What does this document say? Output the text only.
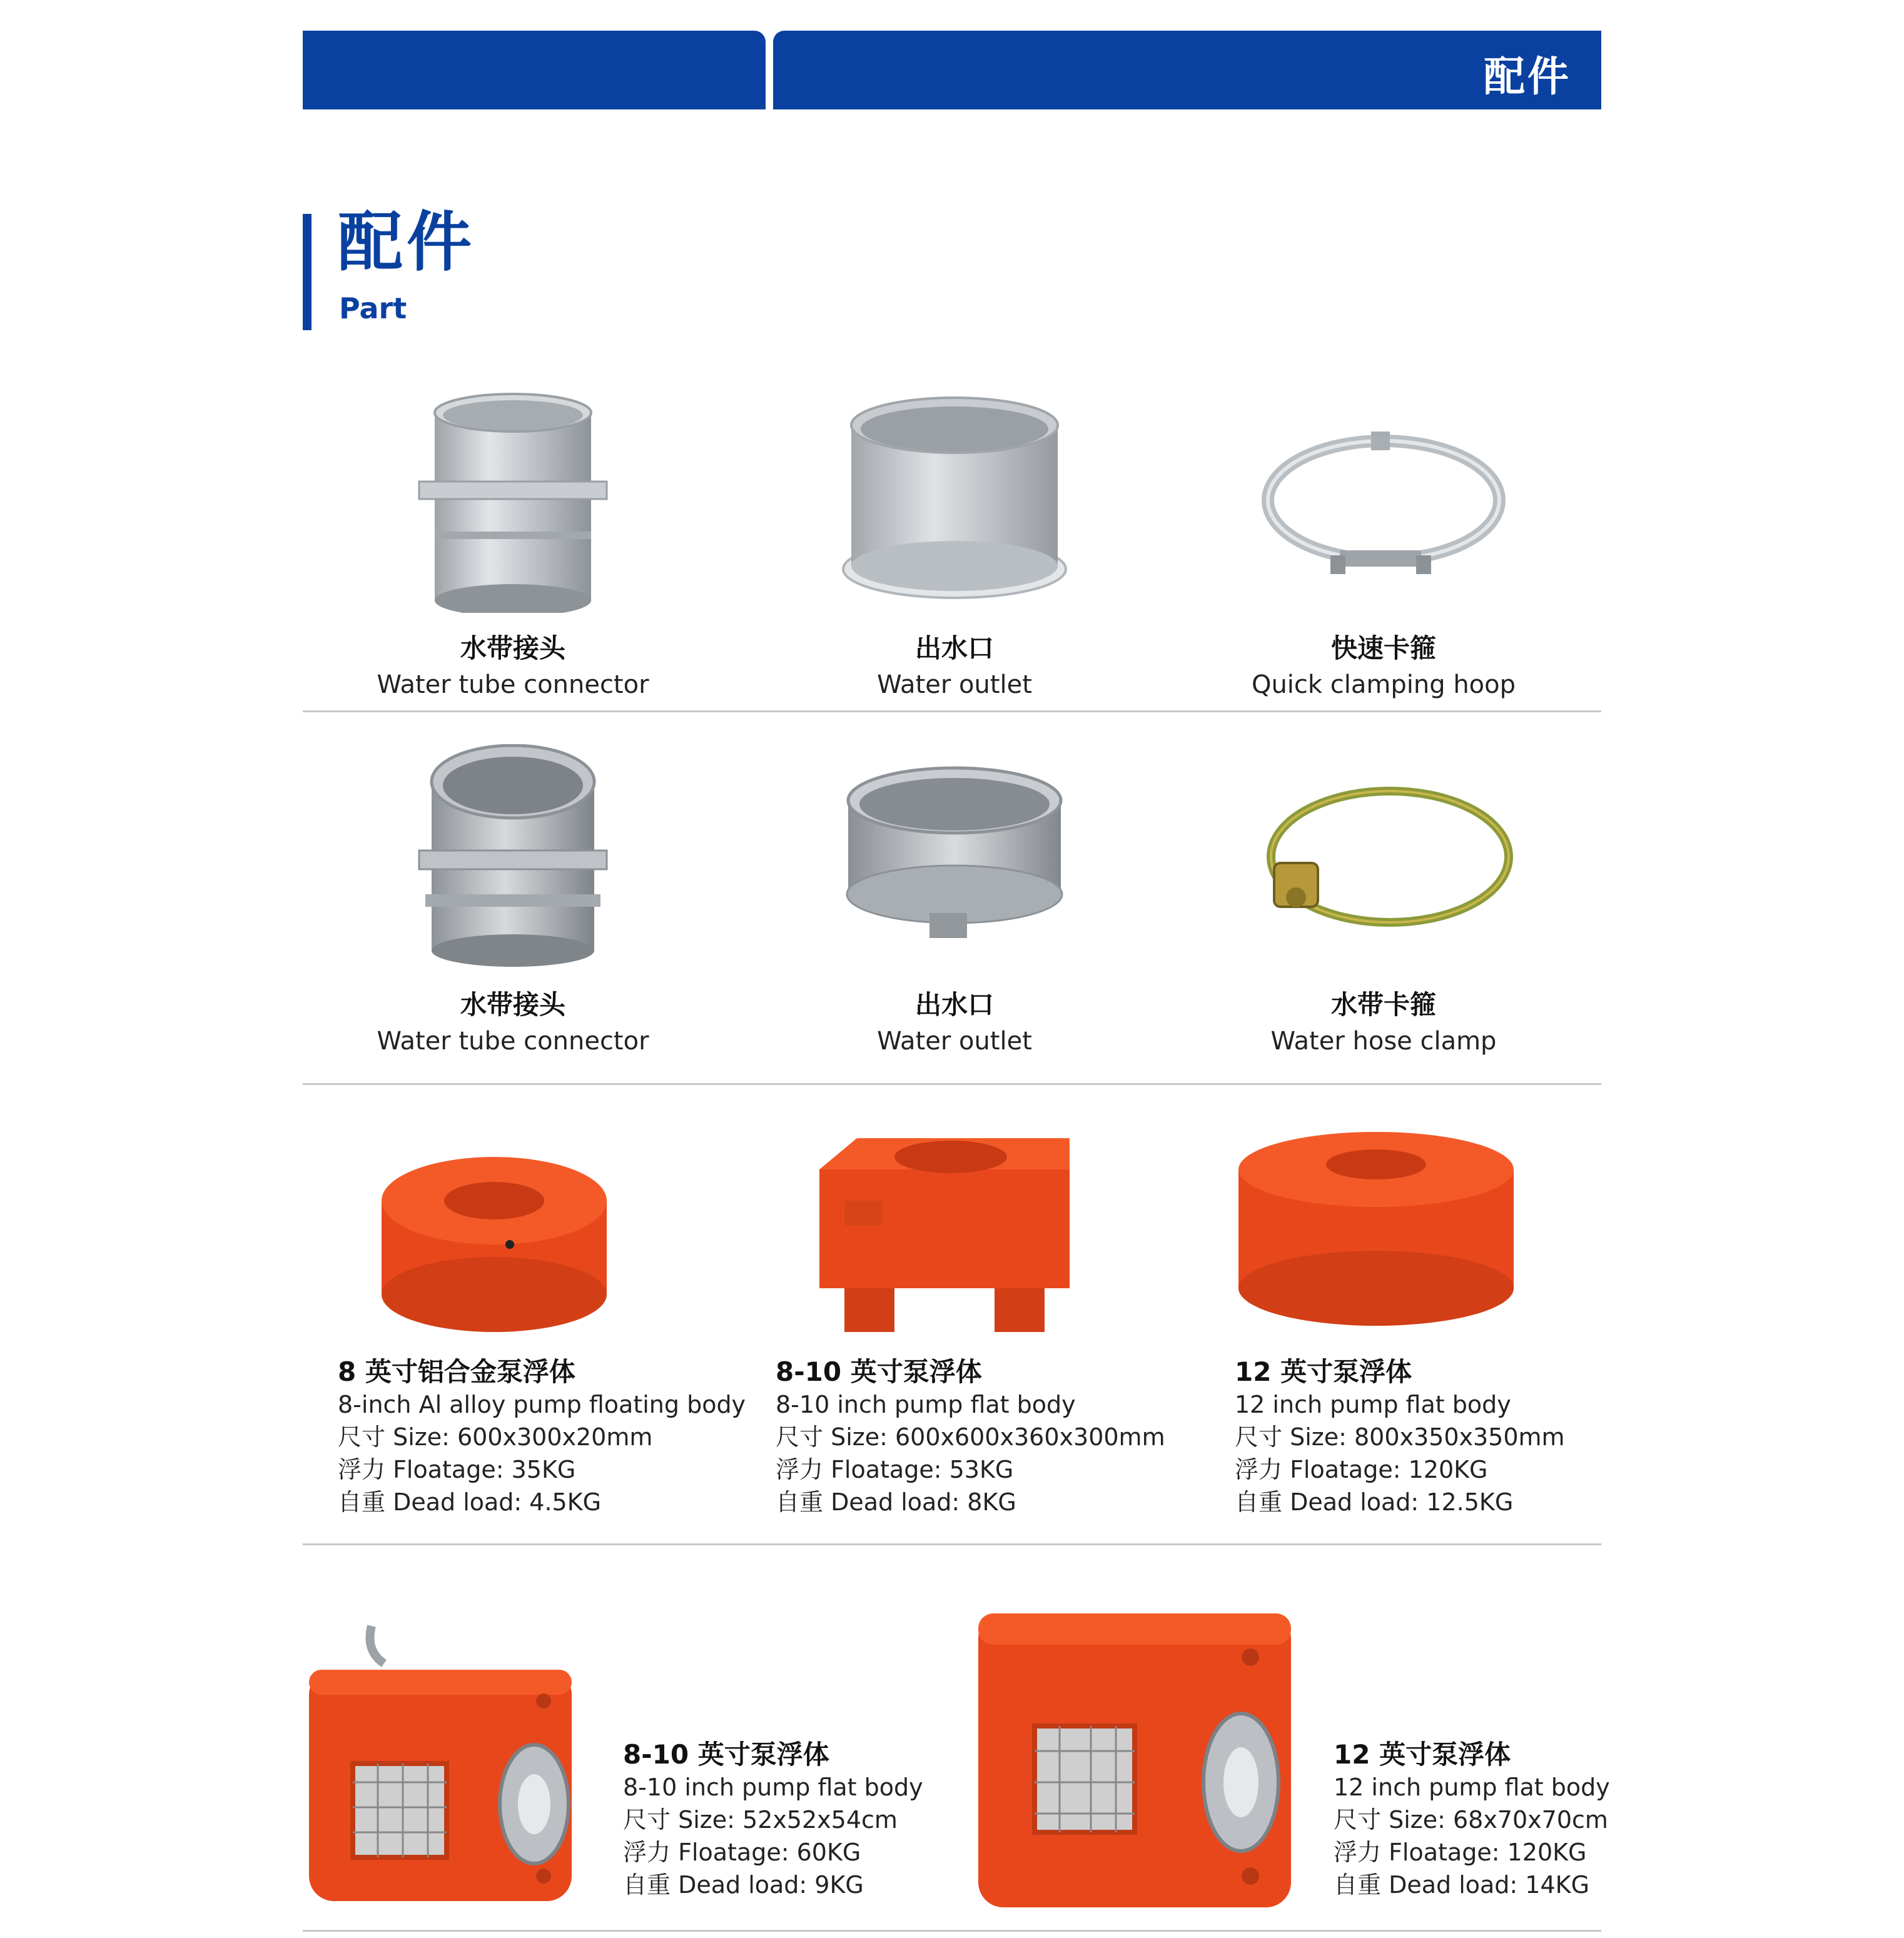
配件
配件
Part
水带接头
Water tube connector
出水口
Water outlet
快速卡箍
Quick clamping hoop
水带接头
Water tube connector
出水口
Water outlet
水带卡箍
Water hose clamp
8 英寸铝合金泵浮体
8-inch Al alloy pump floating body
尺寸 Size: 600x300x20mm
浮力 Floatage: 35KG
自重 Dead load: 4.5KG
8-10 英寸泵浮体
8-10 inch pump flat body
尺寸 Size: 600x600x360x300mm
浮力 Floatage: 53KG
自重 Dead load: 8KG
12 英寸泵浮体
12 inch pump flat body
尺寸 Size: 800x350x350mm
浮力 Floatage: 120KG
自重 Dead load: 12.5KG
8-10 英寸泵浮体
8-10 inch pump flat body
尺寸 Size: 52x52x54cm
浮力 Floatage: 60KG
自重 Dead load: 9KG
12 英寸泵浮体
12 inch pump flat body
尺寸 Size: 68x70x70cm
浮力 Floatage: 120KG
自重 Dead load: 14KG
